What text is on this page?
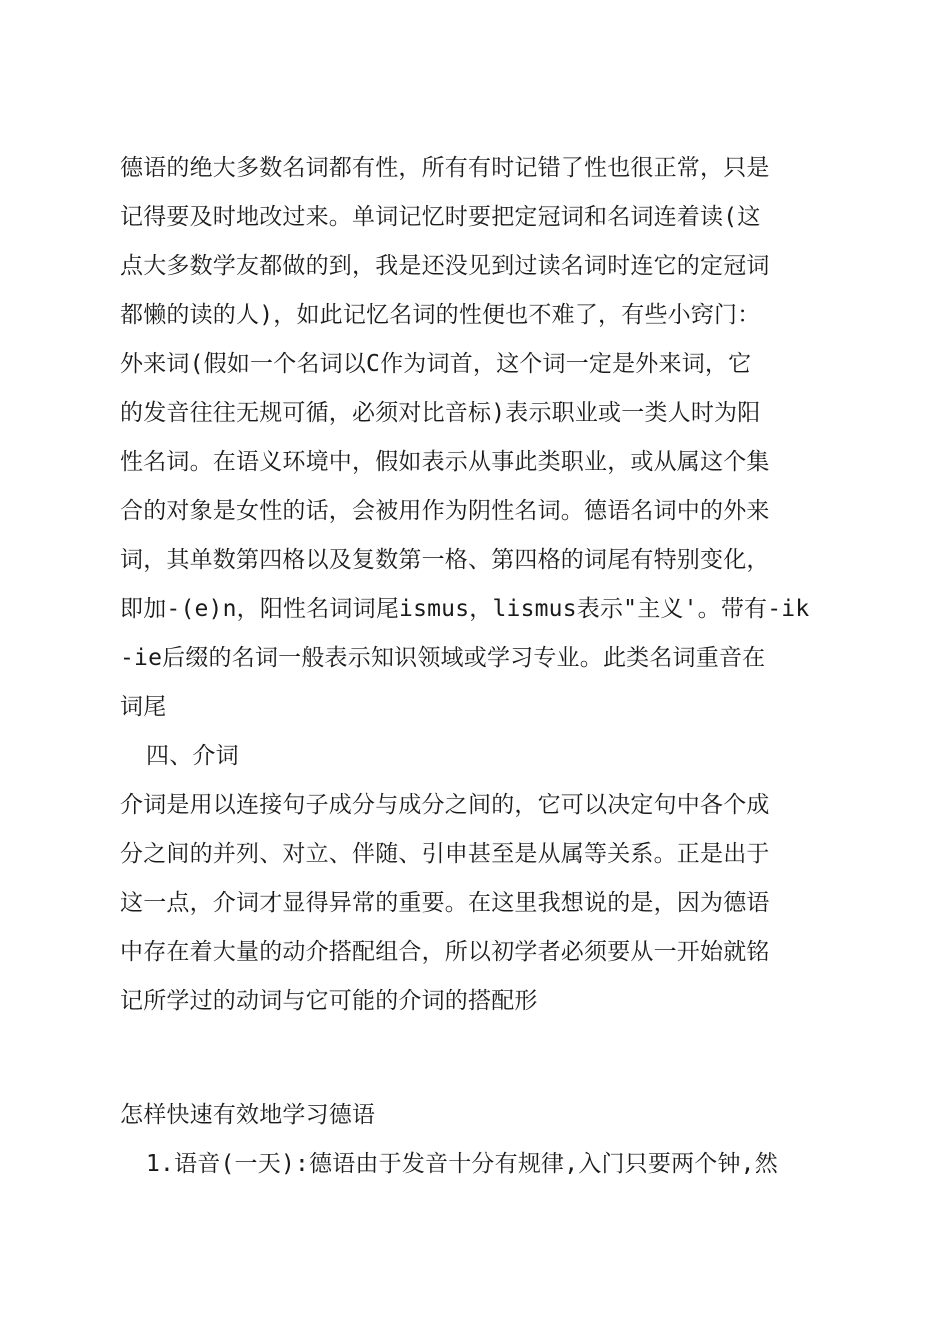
德语的绝大多数名词都有性，所有有时记错了性也很正常，只是
记得要及时地改过来。单词记忆时要把定冠词和名词连着读(这
点大多数学友都做的到，我是还没见到过读名词时连它的定冠词
都懒的读的人)，如此记忆名词的性便也不难了，有些小窍门：
外来词(假如一个名词以C作为词首，这个词一定是外来词，它
的发音往往无规可循，必须对比音标)表示职业或一类人时为阳
性名词。在语义环境中，假如表示从事此类职业，或从属这个集
合的对象是女性的话，会被用作为阴性名词。德语名词中的外来
词，其单数第四格以及复数第一格、第四格的词尾有特别变化，
即加-(e)n，阳性名词词尾ismus，lismus表示"主义'。带有-ik
-ie后缀的名词一般表示知识领域或学习专业。此类名词重音在
词尾
四、介词
介词是用以连接句子成分与成分之间的，它可以决定句中各个成
分之间的并列、对立、伴随、引申甚至是从属等关系。正是出于
这一点，介词才显得异常的重要。在这里我想说的是，因为德语
中存在着大量的动介搭配组合，所以初学者必须要从一开始就铭
记所学过的动词与它可能的介词的搭配形
怎样快速有效地学习德语
1.语音(一天):德语由于发音十分有规律,入门只要两个钟,然
